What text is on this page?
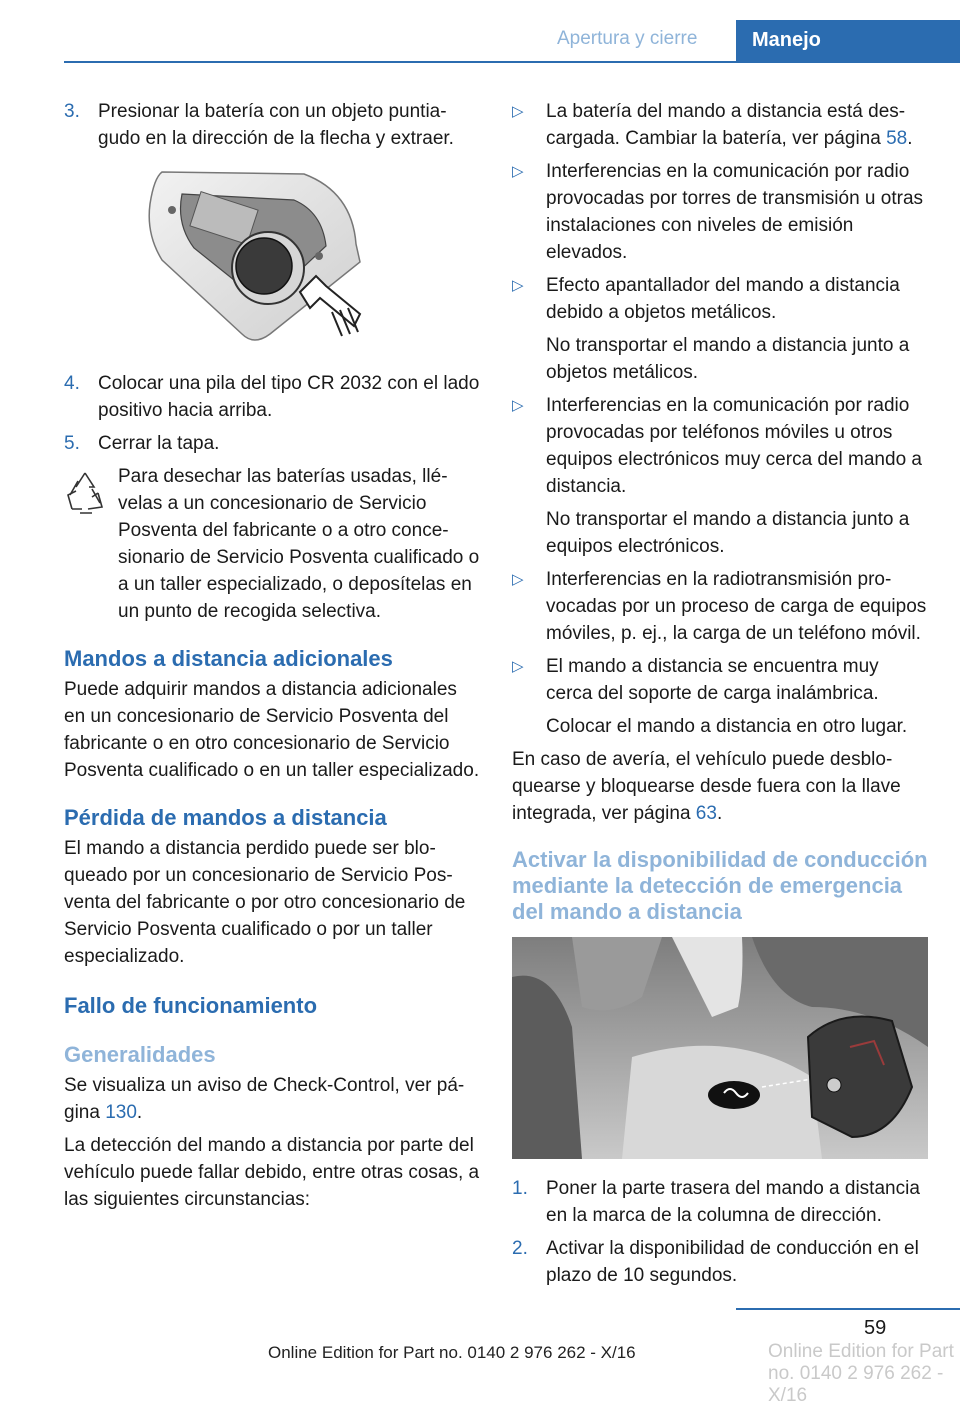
Apertura y cierre	Manejo
3. Presionar la batería con un objeto puntiagudo en la dirección de la flecha y extraer.
4. Colocar una pila del tipo CR 2032 con el lado positivo hacia arriba.
5. Cerrar la tapa.
Para desechar las baterías usadas, llévelas a un concesionario de Servicio Posventa del fabricante o a otro concesionario de Servicio Posventa cualificado o a un taller especializado, o deposítelas en un punto de recogida selectiva.
Mandos a distancia adicionales
Puede adquirir mandos a distancia adicionales en un concesionario de Servicio Posventa del fabricante o en otro concesionario de Servicio Posventa cualificado o en un taller especializado.
Pérdida de mandos a distancia
El mando a distancia perdido puede ser bloqueado por un concesionario de Servicio Posventa del fabricante o por otro concesionario de Servicio Posventa cualificado o por un taller especializado.
Fallo de funcionamiento
Generalidades
Se visualiza un aviso de Check-Control, ver página 130.
La detección del mando a distancia por parte del vehículo puede fallar debido, entre otras cosas, a las siguientes circunstancias:
▷ La batería del mando a distancia está descargada. Cambiar la batería, ver página 58.
▷ Interferencias en la comunicación por radio provocadas por torres de transmisión u otras instalaciones con niveles de emisión elevados.
▷ Efecto apantallador del mando a distancia debido a objetos metálicos.
No transportar el mando a distancia junto a objetos metálicos.
▷ Interferencias en la comunicación por radio provocadas por teléfonos móviles u otros equipos electrónicos muy cerca del mando a distancia.
No transportar el mando a distancia junto a equipos electrónicos.
▷ Interferencias en la radiotransmisión provocadas por un proceso de carga de equipos móviles, p. ej., la carga de un teléfono móvil.
▷ El mando a distancia se encuentra muy cerca del soporte de carga inalámbrica.
Colocar el mando a distancia en otro lugar.
En caso de avería, el vehículo puede desbloquearse y bloquearse desde fuera con la llave integrada, ver página 63.
Activar la disponibilidad de conducción mediante la detección de emergencia del mando a distancia
1. Poner la parte trasera del mando a distancia en la marca de la columna de dirección.
2. Activar la disponibilidad de conducción en el plazo de 10 segundos.
59
Online Edition for Part no. 0140 2 976 262 - X/16	Online Edition for Part no. 0140 2 976 262 - X/16
